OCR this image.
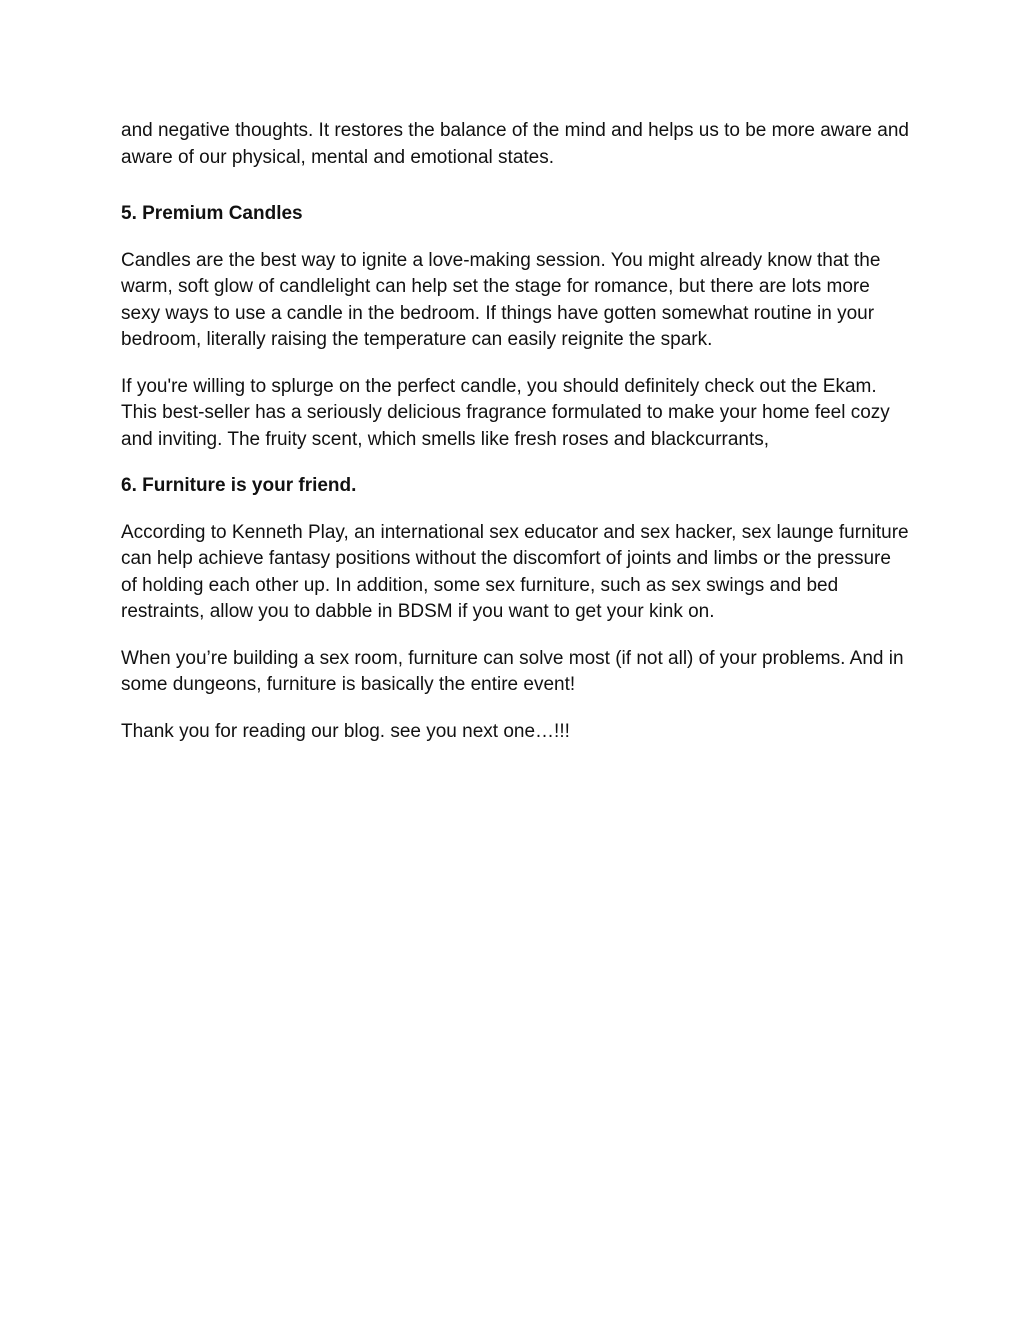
and negative thoughts. It restores the balance of the mind and helps us to be more aware and aware of our physical, mental and emotional states.

5. Premium Candles

Candles are the best way to ignite a love-making session. You might already know that the warm, soft glow of candlelight can help set the stage for romance, but there are lots more sexy ways to use a candle in the bedroom. If things have gotten somewhat routine in your bedroom, literally raising the temperature can easily reignite the spark.

If you're willing to splurge on the perfect candle, you should definitely check out the Ekam. This best-seller has a seriously delicious fragrance formulated to make your home feel cozy and inviting. The fruity scent, which smells like fresh roses and blackcurrants,

6. Furniture is your friend.

According to Kenneth Play, an international sex educator and sex hacker, sex launge furniture can help achieve fantasy positions without the discomfort of joints and limbs or the pressure of holding each other up. In addition, some sex furniture, such as sex swings and bed restraints, allow you to dabble in BDSM if you want to get your kink on.

When you’re building a sex room, furniture can solve most (if not all) of your problems. And in some dungeons, furniture is basically the entire event!

Thank you for reading our blog. see you next one…!!!
